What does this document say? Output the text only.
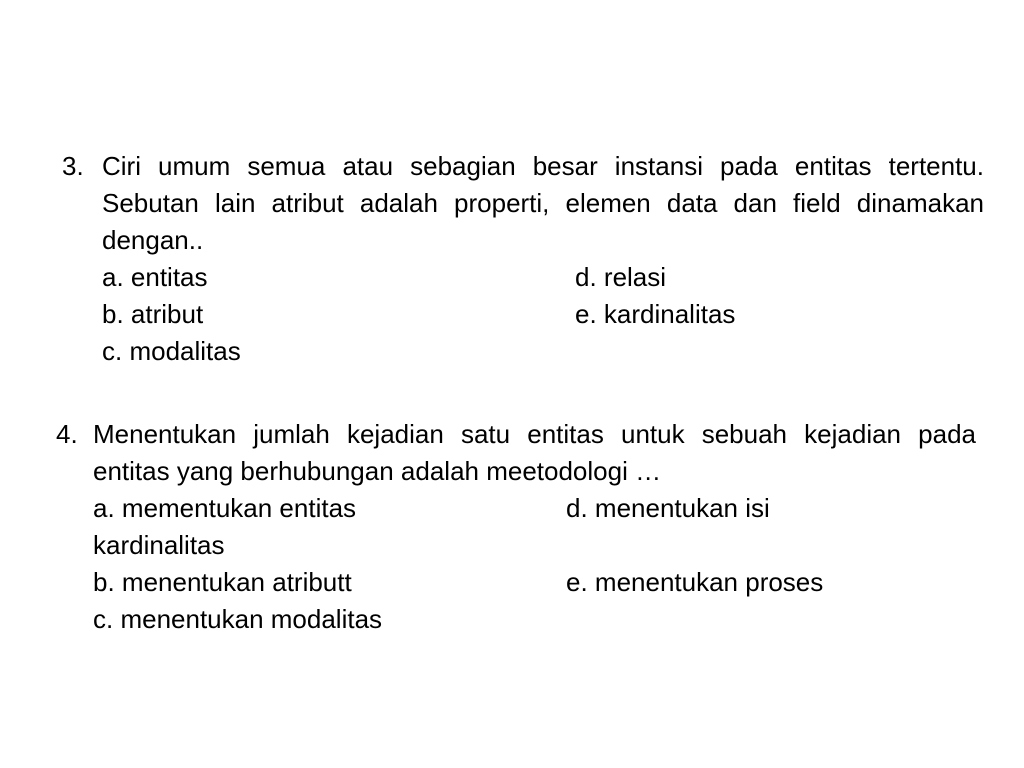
3. Ciri umum semua atau sebagian besar instansi pada entitas tertentu. Sebutan lain atribut adalah properti, elemen data dan field dinamakan dengan..
a. entitas	d. relasi
b. atribut	e. kardinalitas
c. modalitas
4. Menentukan jumlah kejadian satu entitas untuk sebuah kejadian pada entitas yang berhubungan adalah meetodologi …
a. mementukan entitas	d. menentukan isi
kardinalitas
b. menentukan atributt	e. menentukan proses
c. menentukan modalitas
